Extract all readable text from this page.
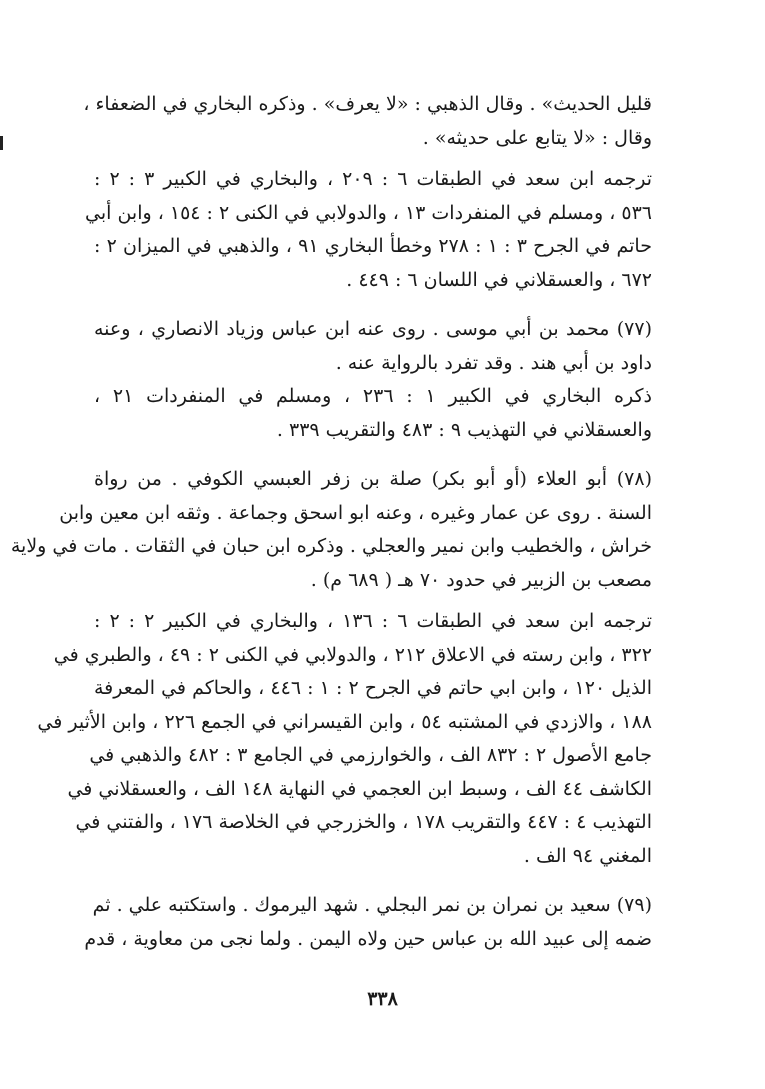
قليل الحديث» . وقال الذهبي : «لا يعرف» . وذكره البخاري في الضعفاء ،
وقال : «لا يتابع على حديثه» .

ترجمه ابن سعد في الطبقات ٦ : ٢٠٩ ، والبخاري في الكبير ٣ : ٢ :
٥٣٦ ، ومسلم في المنفردات ١٣ ، والدولابي في الكنى ٢ : ١٥٤ ، وابن أبي
حاتم في الجرح ٣ : ١ : ٢٧٨ وخطأ البخاري ٩١ ، والذهبي في الميزان ٢ :
٦٧٢ ، والعسقلاني في اللسان ٦ : ٤٤٩ .

(٧٧) محمد بن أبي موسى . روى عنه ابن عباس وزياد الانصاري ، وعنه
داود بن أبي هند . وقد تفرد بالرواية عنه .

ذكره البخاري في الكبير ١ : ٢٣٦ ، ومسلم في المنفردات ٢١ ،
والعسقلاني في التهذيب ٩ : ٤٨٣ والتقريب ٣٣٩ .

(٧٨) أبو العلاء (أو أبو بكر) صلة بن زفر العبسي الكوفي . من رواة
السنة . روى عن عمار وغيره ، وعنه ابو اسحق وجماعة . وثقه ابن معين وابن
خراش ، والخطيب وابن نمير والعجلي . وذكره ابن حبان في الثقات . مات في ولاية
مصعب بن الزبير في حدود ٧٠ هـ ( ٦٨٩ م) .

ترجمه ابن سعد في الطبقات ٦ : ١٣٦ ، والبخاري في الكبير ٢ : ٢ :
٣٢٢ ، وابن رسته في الاعلاق ٢١٢ ، والدولابي في الكنى ٢ : ٤٩ ، والطبري في
الذيل ١٢٠ ، وابن ابي حاتم في الجرح ٢ : ١ : ٤٤٦ ، والحاكم في المعرفة
١٨٨ ، والازدي في المشتبه ٥٤ ، وابن القيسراني في الجمع ٢٢٦ ، وابن الأثير في
جامع الأصول ٢ : ٨٣٢ الف ، والخوارزمي في الجامع ٣ : ٤٨٢ والذهبي في
الكاشف ٤٤ الف ، وسبط ابن العجمي في النهاية ١٤٨ الف ، والعسقلاني في
التهذيب ٤ : ٤٤٧ والتقريب ١٧٨ ، والخزرجي في الخلاصة ١٧٦ ، والفتني في
المغني ٩٤ الف .

(٧٩) سعيد بن نمران بن نمر البجلي . شهد اليرموك . واستكتبه علي . ثم
ضمه إلى عبيد الله بن عباس حين ولاه اليمن . ولما نجى من معاوية ، قدم

٣٣٨
